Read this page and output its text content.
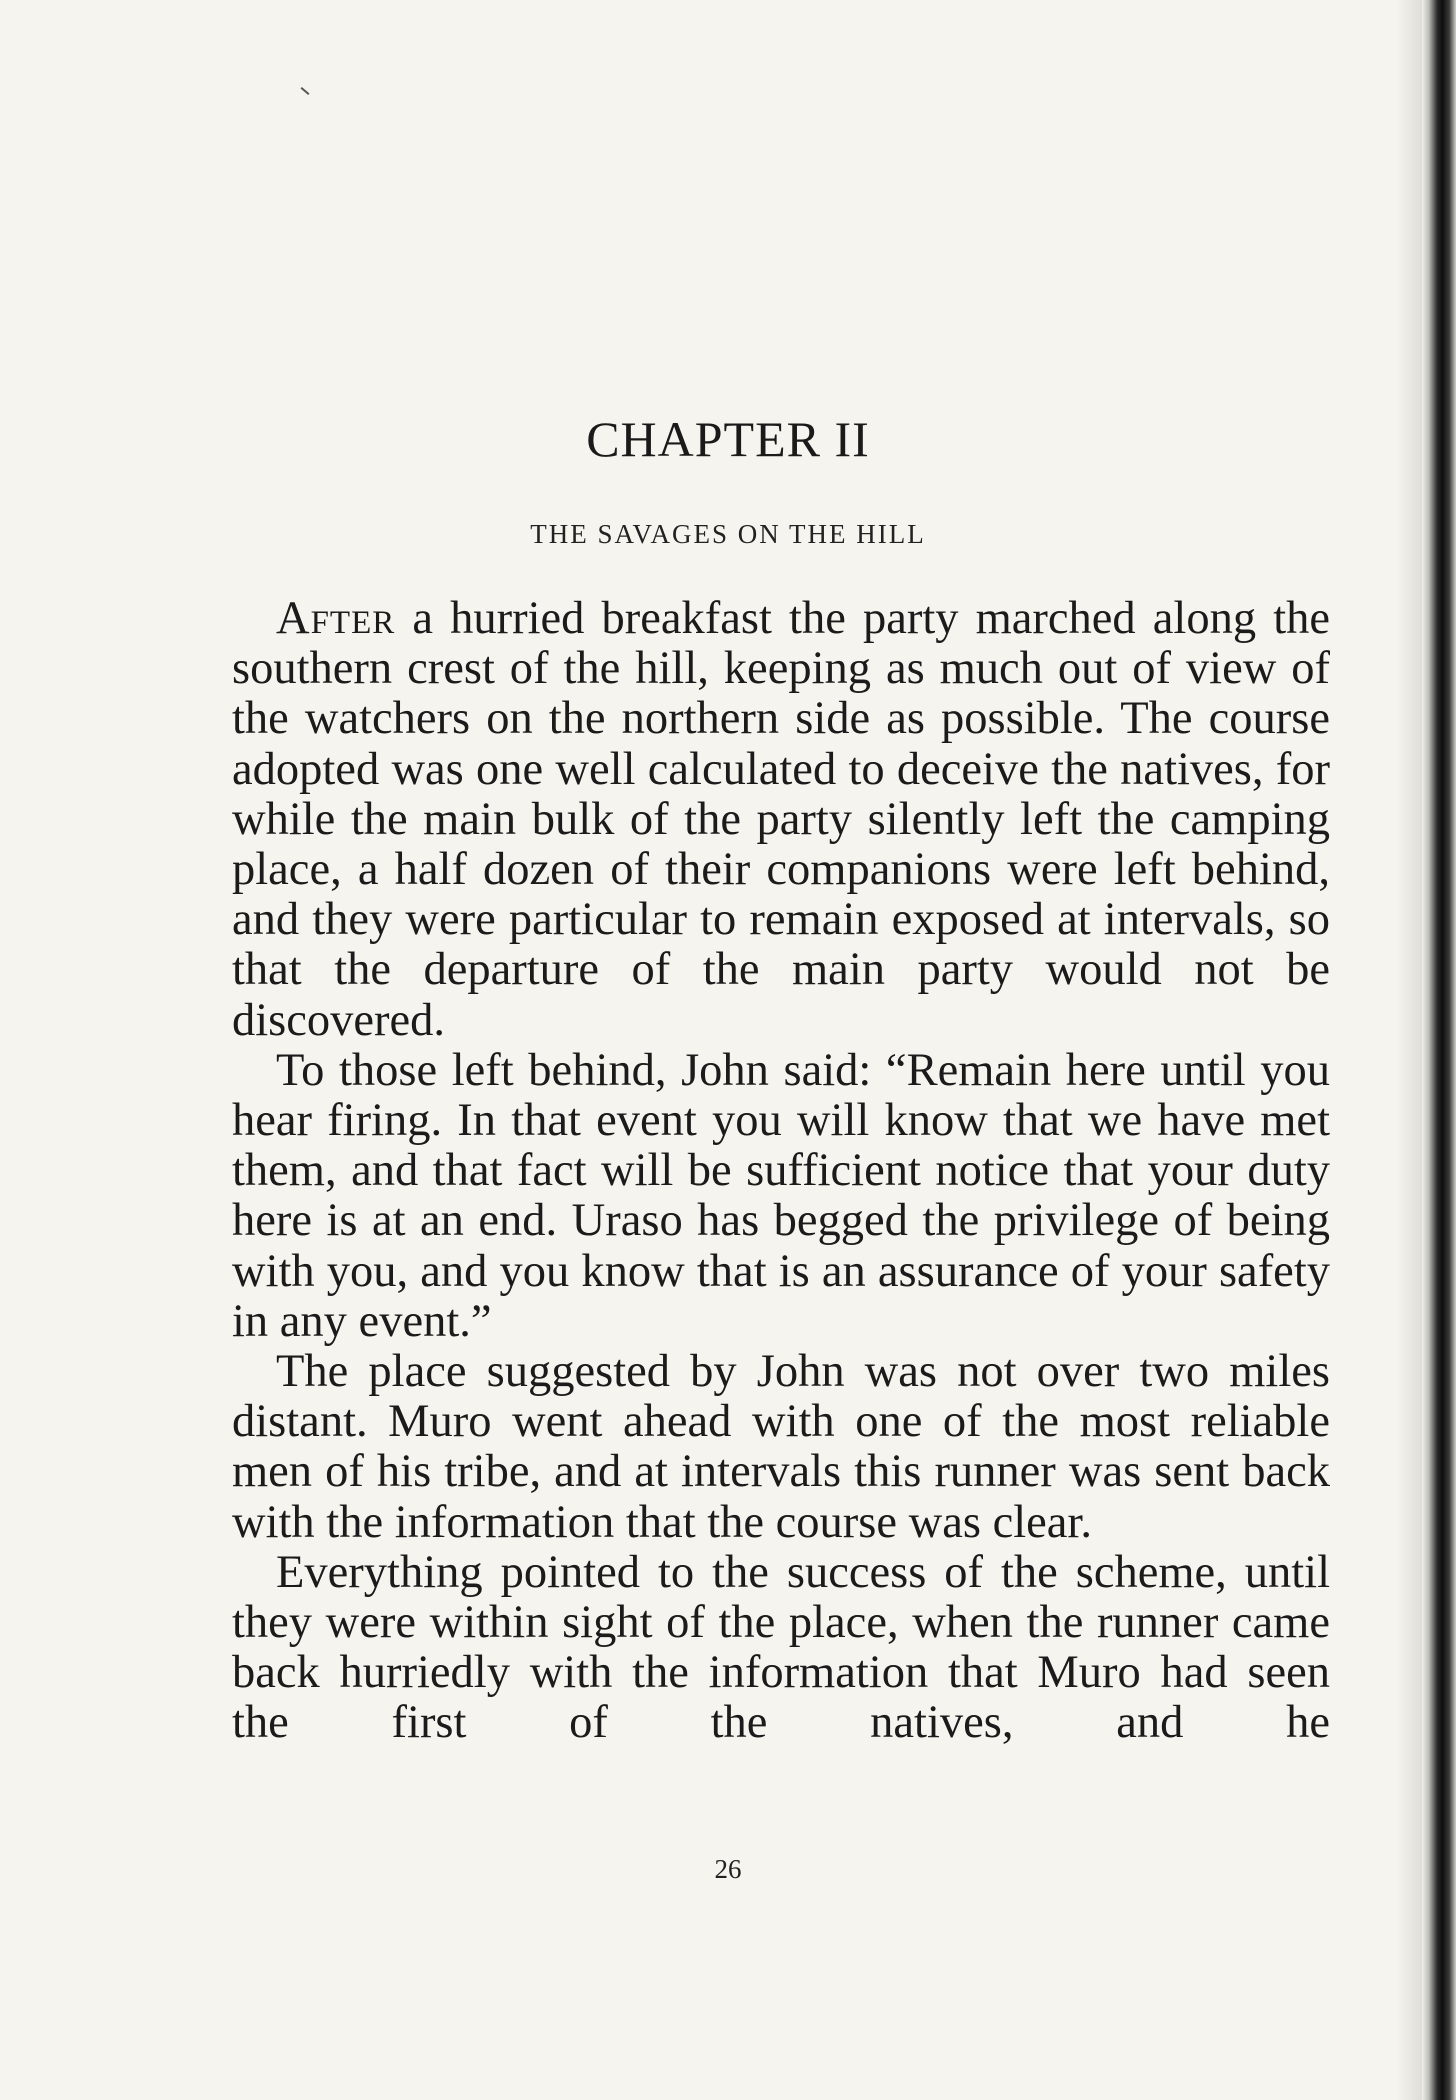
CHAPTER II
THE SAVAGES ON THE HILL

After a hurried breakfast the party marched along the southern crest of the hill, keeping as much out of view of the watchers on the northern side as possible. The course adopted was one well calculated to deceive the natives, for while the main bulk of the party silently left the camping place, a half dozen of their companions were left behind, and they were particular to remain exposed at intervals, so that the departure of the main party would not be discovered.

To those left behind, John said: “Remain here until you hear firing. In that event you will know that we have met them, and that fact will be sufficient notice that your duty here is at an end. Uraso has begged the privilege of being with you, and you know that is an assurance of your safety in any event.”

The place suggested by John was not over two miles distant. Muro went ahead with one of the most reliable men of his tribe, and at intervals this runner was sent back with the information that the course was clear.

Everything pointed to the success of the scheme, until they were within sight of the place, when the runner came back hurriedly with the information that Muro had seen the first of the natives, and he

26
